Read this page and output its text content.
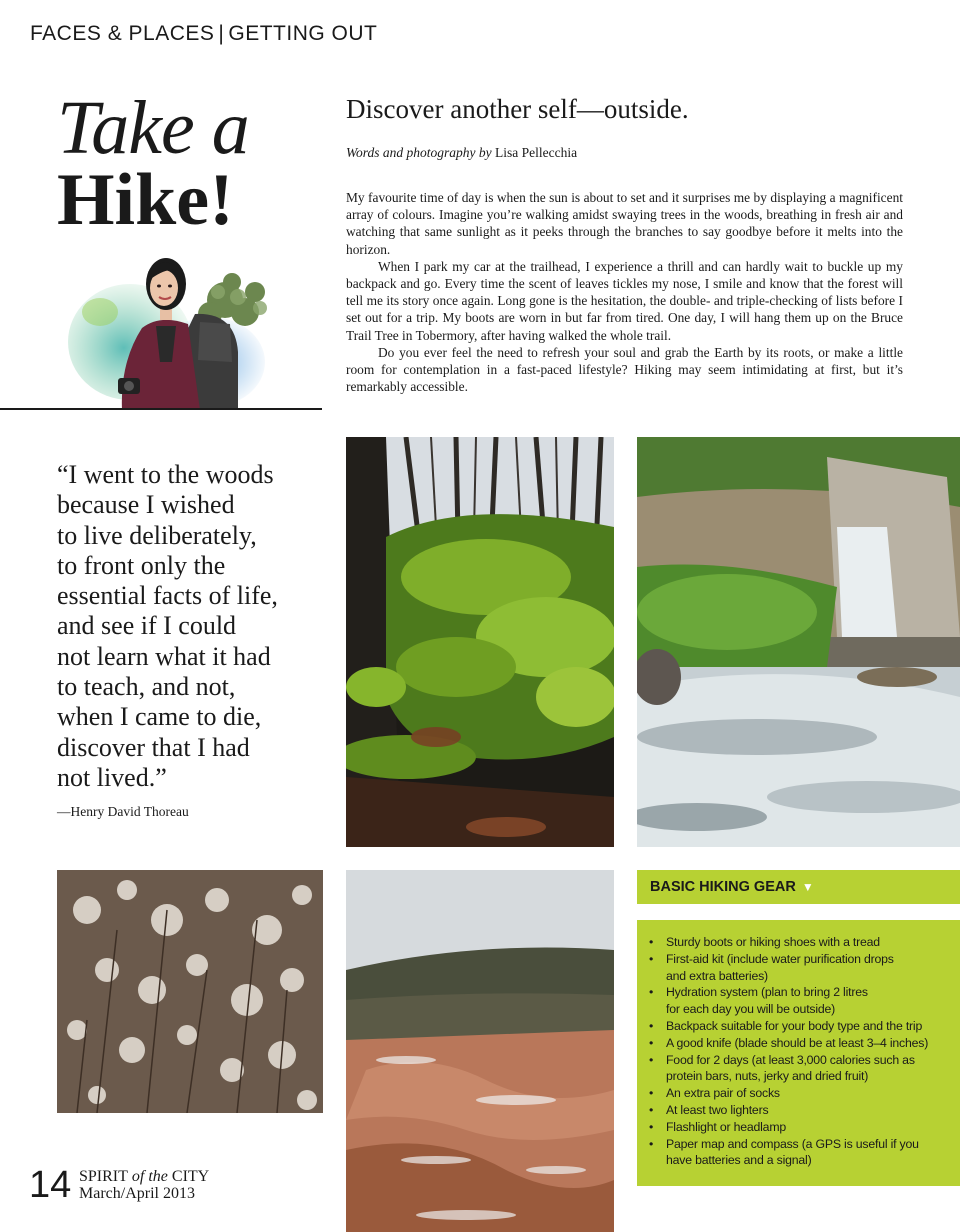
FACES & PLACES | GETTING OUT
Take a
Hike!
Discover another self—outside.
Words and photography by Lisa Pellecchia

My favourite time of day is when the sun is about to set and it surprises me by displaying a magnificent array of colours. Imagine you’re walking amidst swaying trees in the woods, breathing in fresh air and watching that same sunlight as it peeks through the branches to say goodbye before it melts into the horizon.

When I park my car at the trailhead, I experience a thrill and can hardly wait to buckle up my backpack and go. Every time the scent of leaves tickles my nose, I smile and know that the forest will tell me its story once again. Long gone is the hesitation, the double- and triple-checking of lists before I set out for a trip. My boots are worn in but far from tired. One day, I will hang them up on the Bruce Trail Tree in Tobermory, after having walked the whole trail.

Do you ever feel the need to refresh your soul and grab the Earth by its roots, or make a little room for contemplation in a fast-paced lifestyle? Hiking may seem intimidating at first, but it’s remarkably accessible.

“I went to the woods
because I wished
to live deliberately,
to front only the
essential facts of life,
and see if I could
not learn what it had
to teach, and not,
when I came to die,
discover that I had
not lived.”
—Henry David Thoreau
BASIC HIKING GEAR ▼
• Sturdy boots or hiking shoes with a tread
• First-aid kit (include water purification drops
and extra batteries)
• Hydration system (plan to bring 2 litres
for each day you will be outside)
• Backpack suitable for your body type and the trip
• A good knife (blade should be at least 3–4 inches)
• Food for 2 days (at least 3,000 calories such as
protein bars, nuts, jerky and dried fruit)
• An extra pair of socks
• At least two lighters
• Flashlight or headlamp
• Paper map and compass (a GPS is useful if you
have batteries and a signal)
14 SPIRIT of the CITY
March/April 2013
